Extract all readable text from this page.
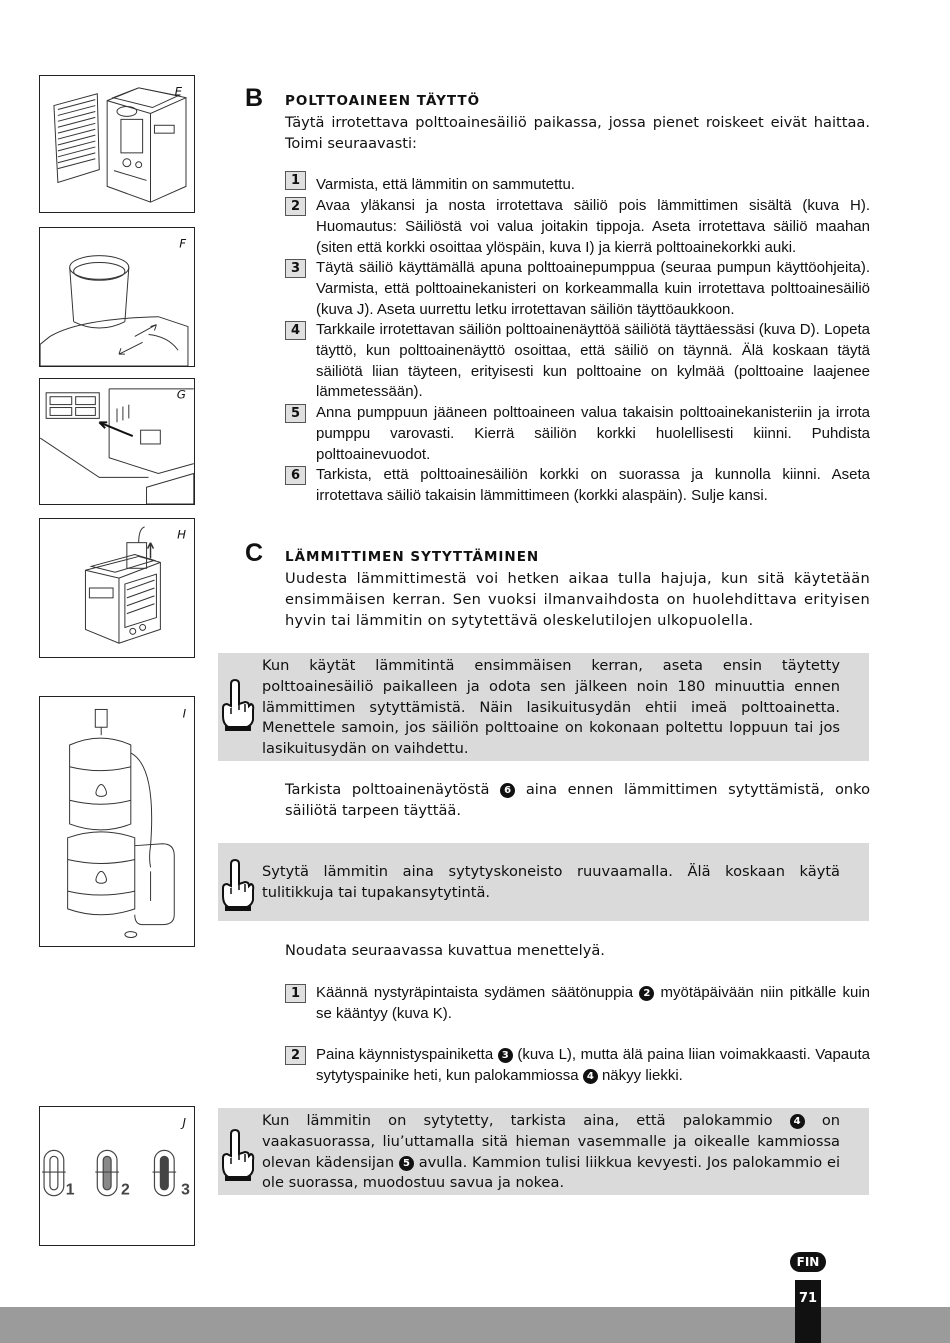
E
F
G
H
I
1	2	3
J
B POLTTOAINEEN TÄYTTÖ
Täytä irrotettava polttoainesäiliö paikassa, jossa pienet roiskeet eivät haittaa. Toimi seuraavasti:
1	Varmista, että lämmitin on sammutettu.
2	Avaa yläkansi ja nosta irrotettava säiliö pois lämmittimen sisältä (kuva H). Huomautus: Säiliöstä voi valua joitakin tippoja. Aseta irrotettava säiliö maahan (siten että korkki osoittaa ylöspäin, kuva I) ja kierrä polttoainekorkki auki.
3	Täytä säiliö käyttämällä apuna polttoainepumppua (seuraa pumpun käyttöohjeita). Varmista, että polttoainekanisteri on korkeammalla kuin irrotettava polttoainesäiliö (kuva J). Aseta uurrettu letku irrotettavan säiliön täyttöaukkoon.
4	Tarkkaile irrotettavan säiliön polttoainenäyttöä säiliötä täyttäessäsi (kuva D). Lopeta täyttö, kun polttoainenäyttö osoittaa, että säiliö on täynnä. Älä koskaan täytä säiliötä liian täyteen, erityisesti kun polttoaine on kylmää (polttoaine laajenee lämmetessään).
5	Anna pumppuun jääneen polttoaineen valua takaisin polttoainekanisteriin ja irrota pumppu varovasti. Kierrä säiliön korkki huolellisesti kiinni. Puhdista polttoainevuodot.
6	Tarkista, että polttoainesäiliön korkki on suorassa ja kunnolla kiinni. Aseta irrotettava säiliö takaisin lämmittimeen (korkki alaspäin). Sulje kansi.
C LÄMMITTIMEN SYTYTTÄMINEN
Uudesta lämmittimestä voi hetken aikaa tulla hajuja, kun sitä käytetään ensimmäisen kerran. Sen vuoksi ilmanvaihdosta on huolehdittava erityisen hyvin tai lämmitin on sytytettävä oleskelutilojen ulkopuolella.
Kun käytät lämmitintä ensimmäisen kerran, aseta ensin täytetty polttoainesäiliö paikalleen ja odota sen jälkeen noin 180 minuuttia ennen lämmittimen sytyttämistä. Näin lasikuitusydän ehtii imeä polttoainetta. Menettele samoin, jos säiliön polttoaine on kokonaan poltettu loppuun tai jos lasikuitusydän on vaihdettu.
Tarkista polttoainenäytöstä 6 aina ennen lämmittimen sytyttämistä, onko säiliötä tarpeen täyttää.
Sytytä lämmitin aina sytytyskoneisto ruuvaamalla. Älä koskaan käytä tulitikkuja tai tupakansytytintä.
Noudata seuraavassa kuvattua menettelyä.
1	Käännä nystyräpintaista sydämen säätönuppia 2 myötäpäivään niin pitkälle kuin se kääntyy (kuva K).
2	Paina käynnistyspainiketta 3 (kuva L), mutta älä paina liian voimakkaasti. Vapauta sytytyspainike heti, kun palokammiossa 4 näkyy liekki.
Kun lämmitin on sytytetty, tarkista aina, että palokammio 4 on vaakasuorassa, liu’uttamalla sitä hieman vasemmalle ja oikealle kammiossa olevan kädensijan 5 avulla. Kammion tulisi liikkua kevyesti. Jos palokammio ei ole suorassa, muodostuu savua ja nokea.
FIN
71
